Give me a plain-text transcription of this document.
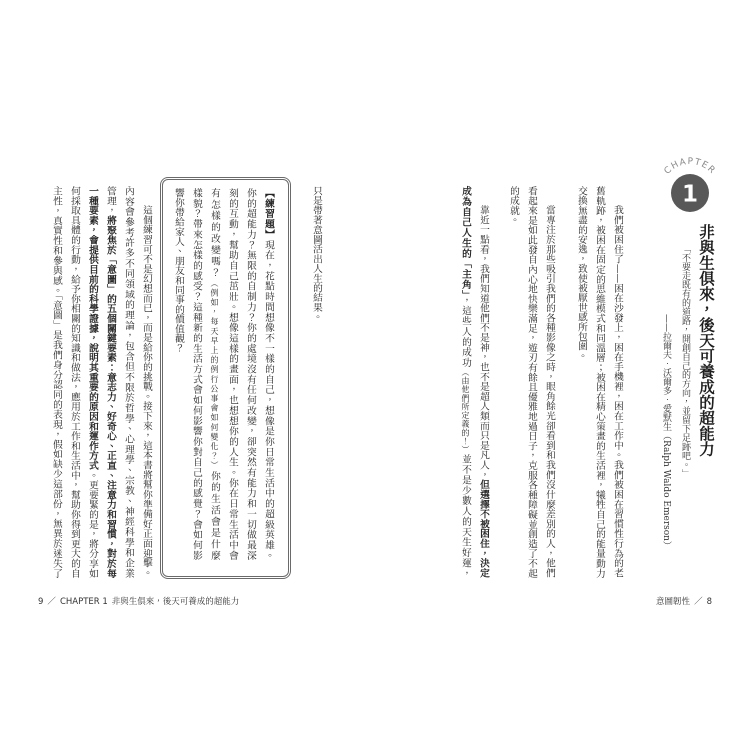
CHAPTER
1
非與生俱來，後天可養成的超能力
「不要走既有的道路，開創自己的方向，並留下足跡吧。」
——拉爾夫．沃爾多．愛默生（Ralph Waldo Emerson）
我們被困住了——困在沙發上，困在手機裡，困在工作中。我們被困在習慣性行為的老
舊軌跡，被困在固定的思維模式和同溫層；被困在精心策畫的生活裡，犧牲自己的能量動力
交換無盡的安逸，致使被厭世感所包圍。
當專注於那些吸引我們的各種影像之時，眼角餘光卻看到和我們沒什麼差別的人，他們
看起來是如此發自內心地快樂滿足，遊刃有餘且優雅地過日子，克服各種障礙並創造了不起
的成就。
靠近一點看，我們知道他們不是神，也不是超人類而只是凡人，但選擇不被困住，決定
成為自己人生的「主角」，這些人的成功（由他們所定義的！）並不是少數人的天生好運，
意圖韌性 ／ 8
只是帶著意圖活出人生的結果。
【練習題】現在，花點時間想像不一樣的自己，想像是你日常生活中的超級英雄。
你的超能力？無限的自制力？你的處境沒有任何改變，卻突然有能力和一切做最深
刻的互動，幫助自己茁壯。想像這樣的畫面，也想想你的人生。你在日常生活中會
有怎樣的改變嗎？（例如，每天早上的例行公事會如何變化？）你的生活會是什麼
樣貌？帶來怎樣的感受？這種新的生活方式會如何影響你對自己的感覺？會如何影
響你帶給家人、朋友和同事的價值觀？
這個練習可不是幻想而已，而是給你的挑戰。接下來，這本書將幫你準備好正面迎擊。
內容會參考許多不同領域的理論，包含但不限於哲學、心理學、宗教、神經科學和企業
管理，將聚焦於「意圖」的五個關鍵要素：意志力、好奇心、正直、注意力和習慣，對於每
一種要素，會提供目前的科學證據，說明其重要的原因和運作方式。更要緊的是，將分享如
何採取具體的行動，給予你相關的知識和做法，應用於工作和生活中，幫助你得到更大的自
主性，真實性和參與感。「意圖」是我們身分認同的表現，假如缺少這部份，無異於迷失了
9 ／ CHAPTER 1 非與生俱來，後天可養成的超能力
